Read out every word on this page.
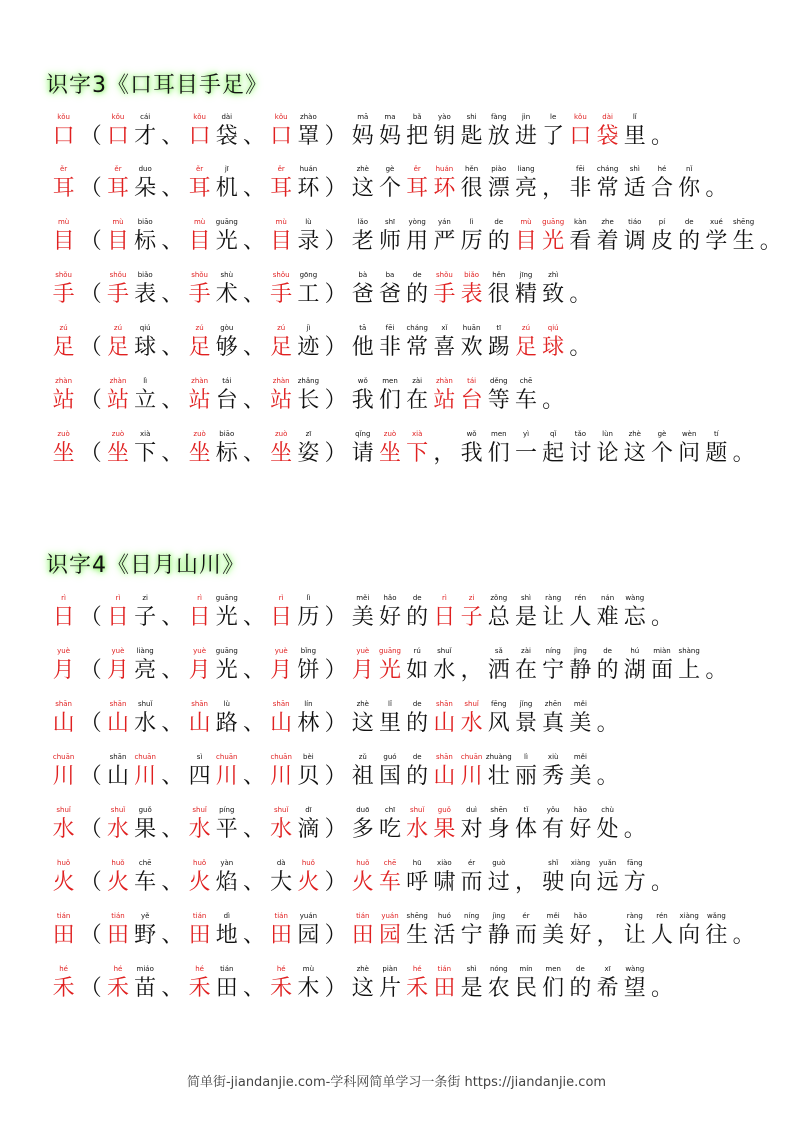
识字3《口耳目手足》
识字4《日月山川》
kǒu
口 （
kǒu
口
cái
才 、
kǒu
口
dài
袋 、
kǒu
口
zhào
罩 ）
mā
妈
ma
妈
bǎ
把
yào
钥
shi
匙
fàng
放
jìn
进
le
了
kǒu
口
dài
袋
lǐ
里 。
ěr
耳 （
ěr
耳
duo
朵 、
ěr
耳
jī
机 、
ěr
耳
huán
环 ）
zhè
这
gè
个
ěr
耳
huán
环
hěn
很
piào
漂
liang
亮 ，
fēi
非
cháng
常
shì
适
hé
合
nǐ
你 。
mù
目 （
mù
目
biāo
标 、
mù
目
guāng
光 、
mù
目
lù
录 ）
lǎo
老
shī
师
yòng
用
yán
严
lì
厉
de
的
mù
目
guāng
光
kàn
看
zhe
着
tiáo
调
pí
皮
de
的
xué
学
shēng
生 。
shǒu
手 （
shǒu
手
biǎo
表 、
shǒu
手
shù
术 、
shǒu
手
gōng
工 ）
bà
爸
ba
爸
de
的
shǒu
手
biǎo
表
hěn
很
jīng
精
zhì
致 。
zú
足 （
zú
足
qiú
球 、
zú
足
gòu
够 、
zú
足
jì
迹 ）
tā
他
fēi
非
cháng
常
xǐ
喜
huān
欢
tī
踢
zú
足
qiú
球 。
zhàn
站 （
zhàn
站
lì
立 、
zhàn
站
tái
台 、
zhàn
站
zhǎng
长 ）
wǒ
我
men
们
zài
在
zhàn
站
tái
台
děng
等
chē
车 。
zuò
坐 （
zuò
坐
xià
下 、
zuò
坐
biāo
标 、
zuò
坐
zī
姿 ）
qǐng
请
zuò
坐
xià
下 ，
wǒ
我
men
们
yì
一
qǐ
起
tǎo
讨
lùn
论
zhè
这
gè
个
wèn
问
tí
题 。
rì
日 （
rì
日
zi
子 、
rì
日
guāng
光 、
rì
日
lì
历 ）
měi
美
hǎo
好
de
的
rì
日
zi
子
zǒng
总
shì
是
ràng
让
rén
人
nán
难
wàng
忘 。
yuè
月 （
yuè
月
liàng
亮 、
yuè
月
guāng
光 、
yuè
月
bǐng
饼 ）
yuè
月
guāng
光
rú
如
shuǐ
水 ，
sǎ
洒
zài
在
níng
宁
jìng
静
de
的
hú
湖
miàn
面
shàng
上 。
shān
山 （
shān
山
shuǐ
水 、
shān
山
lù
路 、
shān
山
lín
林 ）
zhè
这
lǐ
里
de
的
shān
山
shuǐ
水
fēng
风
jǐng
景
zhēn
真
měi
美 。
chuān
川 （
shān
山
chuān
川 、
sì
四
chuān
川 、
chuān
川
bèi
贝 ）
zǔ
祖
guó
国
de
的
shān
山
chuān
川
zhuàng
壮
lì
丽
xiù
秀
měi
美 。
shuǐ
水 （
shuǐ
水
guǒ
果 、
shuǐ
水
píng
平 、
shuǐ
水
dī
滴 ）
duō
多
chī
吃
shuǐ
水
guǒ
果
duì
对
shēn
身
tǐ
体
yǒu
有
hǎo
好
chù
处 。
huǒ
火 （
huǒ
火
chē
车 、
huǒ
火
yàn
焰 、
dà
大
huǒ
火 ）
huǒ
火
chē
车
hū
呼
xiào
啸
ér
而
guò
过 ，
shǐ
驶
xiàng
向
yuǎn
远
fāng
方 。
tián
田 （
tián
田
yě
野 、
tián
田
dì
地 、
tián
田
yuán
园 ）
tián
田
yuán
园
shēng
生
huó
活
níng
宁
jìng
静
ér
而
měi
美
hǎo
好 ，
ràng
让
rén
人
xiàng
向
wǎng
往 。
hé
禾 （
hé
禾
miáo
苗 、
hé
禾
tián
田 、
hé
禾
mù
木 ）
zhè
这
piàn
片
hé
禾
tián
田
shì
是
nóng
农
mín
民
men
们
de
的
xī
希
wàng
望 。
简单街-jiandanjie.com-学科网简单学习一条街 https://jiandanjie.com
